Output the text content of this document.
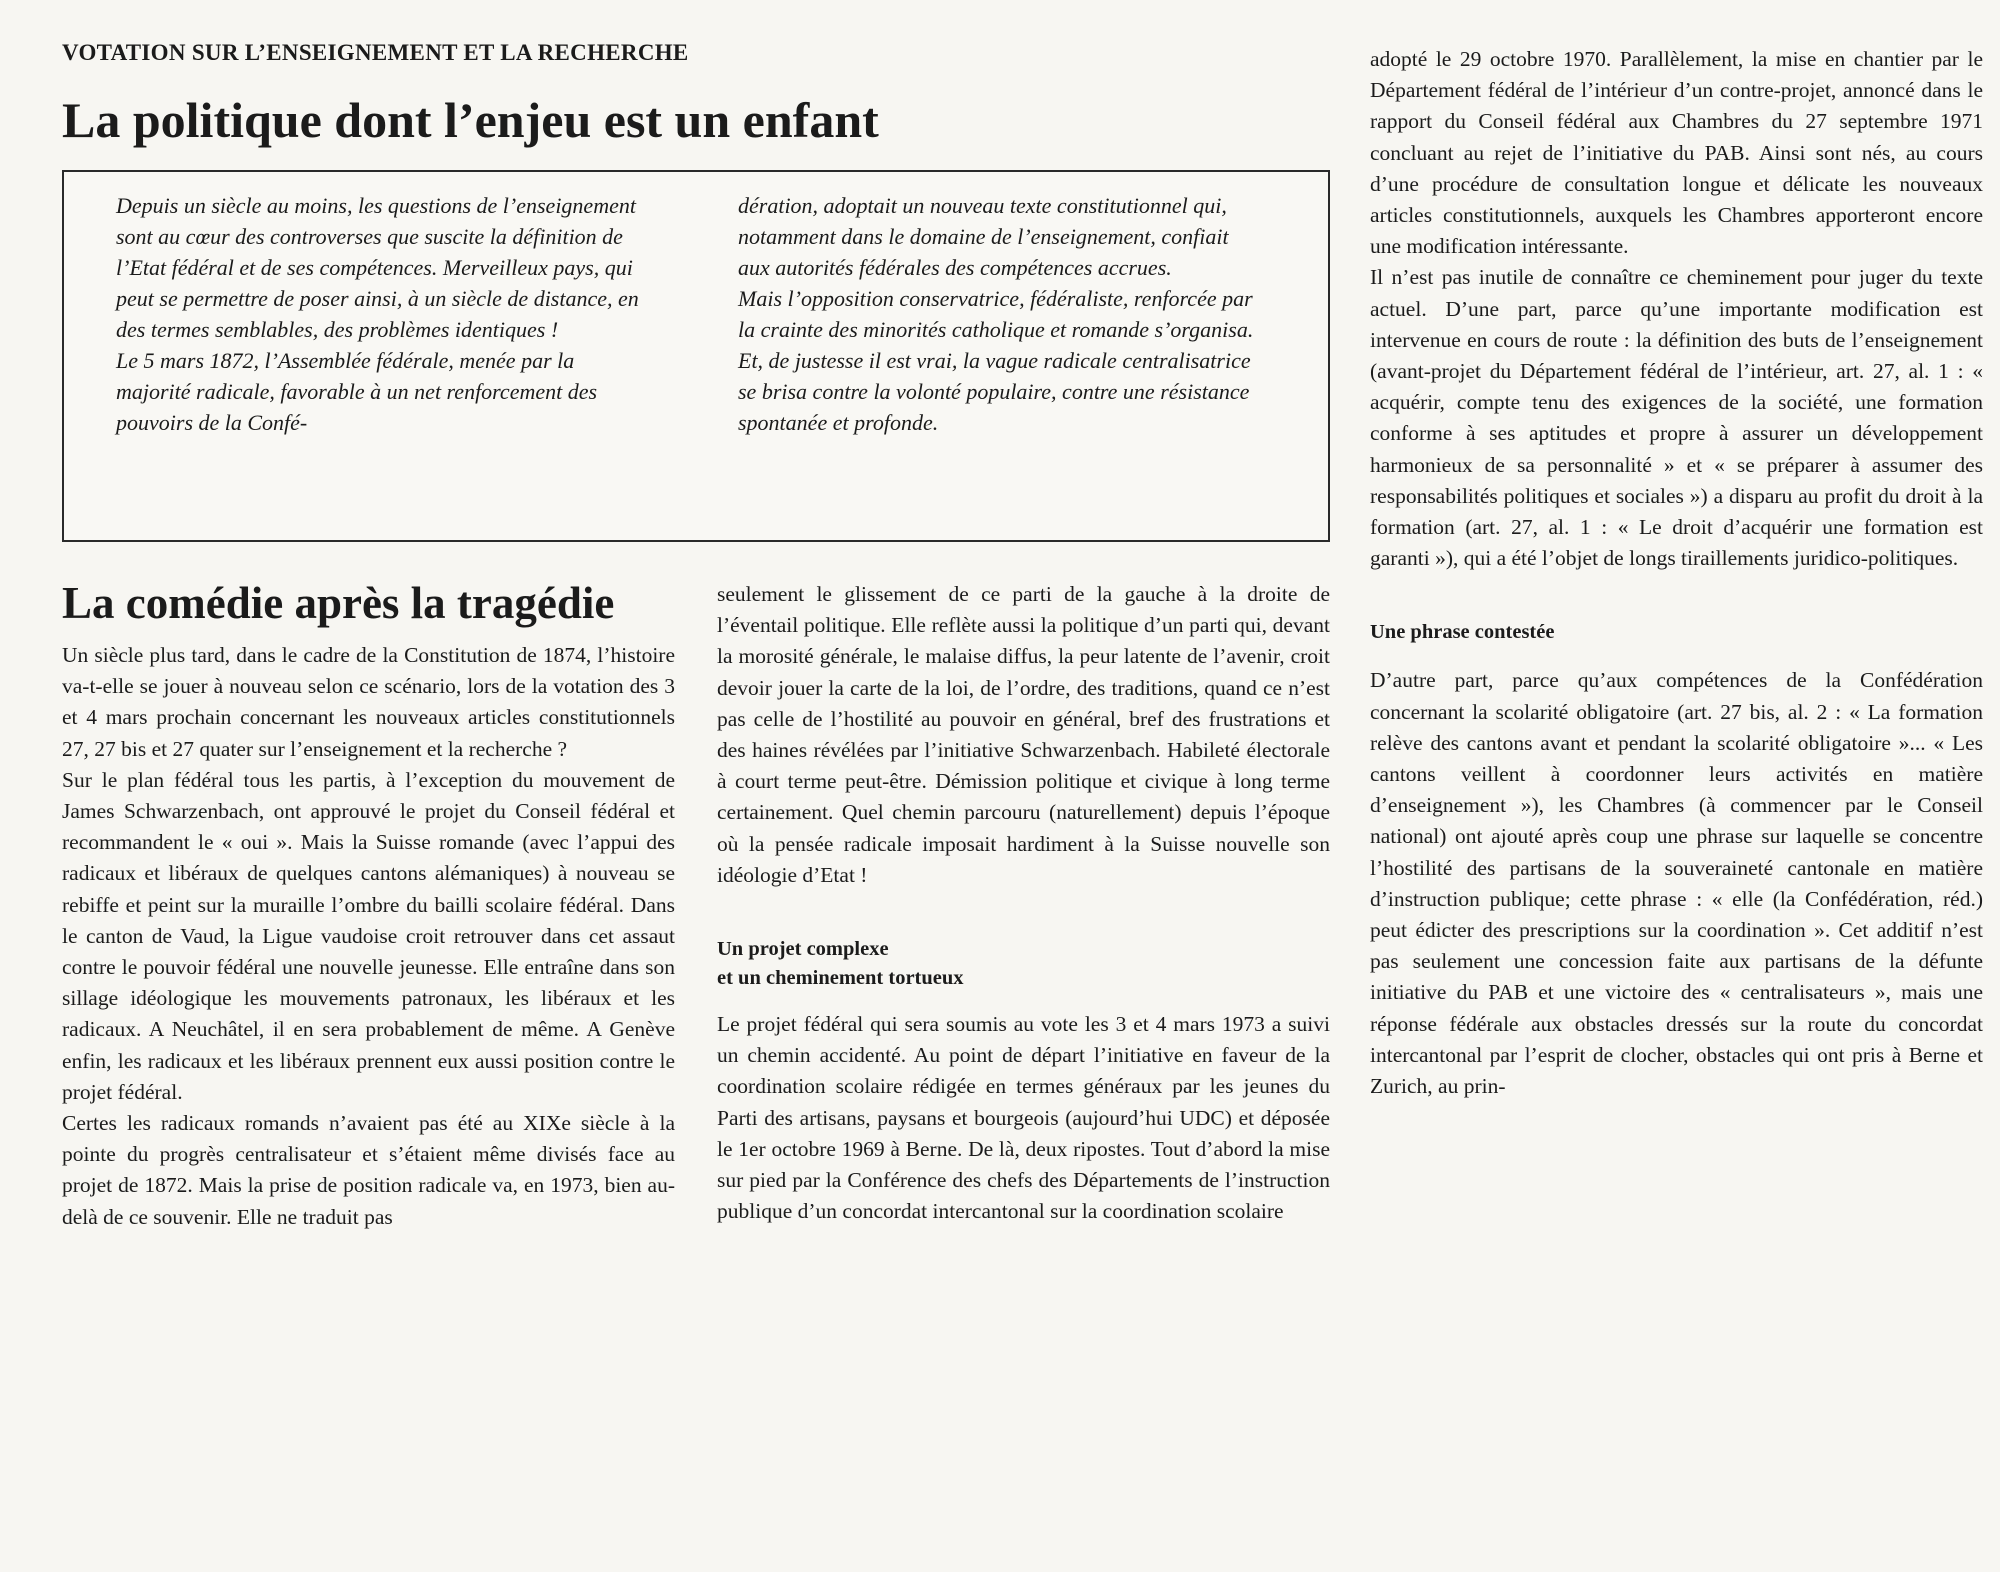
VOTATION SUR L’ENSEIGNEMENT ET LA RECHERCHE
La politique dont l’enjeu est un enfant
Depuis un siècle au moins, les questions de l’enseignement sont au cœur des controverses que suscite la définition de l’Etat fédéral et de ses compétences. Merveilleux pays, qui peut se permettre de poser ainsi, à un siècle de distance, en des termes semblables, des problèmes identiques !
Le 5 mars 1872, l’Assemblée fédérale, menée par la majorité radicale, favorable à un net renforcement des pouvoirs de la Confé-
dération, adoptait un nouveau texte constitutionnel qui, notamment dans le domaine de l’enseignement, confiait aux autorités fédérales des compétences accrues.
Mais l’opposition conservatrice, fédéraliste, renforcée par la crainte des minorités catholique et romande s’organisa. Et, de justesse il est vrai, la vague radicale centralisatrice se brisa contre la volonté populaire, contre une résistance spontanée et profonde.
La comédie après la tragédie

Un siècle plus tard, dans le cadre de la Constitution de 1874, l’histoire va-t-elle se jouer à nouveau selon ce scénario, lors de la votation des 3 et 4 mars prochain concernant les nouveaux articles constitutionnels 27, 27 bis et 27 quater sur l’enseignement et la recherche ?

Sur le plan fédéral tous les partis, à l’exception du mouvement de James Schwarzenbach, ont approuvé le projet du Conseil fédéral et recommandent le « oui ». Mais la Suisse romande (avec l’appui des radicaux et libéraux de quelques cantons alémaniques) à nouveau se rebiffe et peint sur la muraille l’ombre du bailli scolaire fédéral. Dans le canton de Vaud, la Ligue vaudoise croit retrouver dans cet assaut contre le pouvoir fédéral une nouvelle jeunesse. Elle entraîne dans son sillage idéologique les mouvements patronaux, les libéraux et les radicaux. A Neuchâtel, il en sera probablement de même. A Genève enfin, les radicaux et les libéraux prennent eux aussi position contre le projet fédéral.

Certes les radicaux romands n’avaient pas été au XIXe siècle à la pointe du progrès centralisateur et s’étaient même divisés face au projet de 1872. Mais la prise de position radicale va, en 1973, bien au-delà de ce souvenir. Elle ne traduit pas

seulement le glissement de ce parti de la gauche à la droite de l’éventail politique. Elle reflète aussi la politique d’un parti qui, devant la morosité générale, le malaise diffus, la peur latente de l’avenir, croit devoir jouer la carte de la loi, de l’ordre, des traditions, quand ce n’est pas celle de l’hostilité au pouvoir en général, bref des frustrations et des haines révélées par l’initiative Schwarzenbach. Habileté électorale à court terme peut-être. Démission politique et civique à long terme certainement. Quel chemin parcouru (naturellement) depuis l’époque où la pensée radicale imposait hardiment à la Suisse nouvelle son idéologie d’Etat !

Un projet complexe
et un cheminement tortueux

Le projet fédéral qui sera soumis au vote les 3 et 4 mars 1973 a suivi un chemin accidenté. Au point de départ l’initiative en faveur de la coordination scolaire rédigée en termes généraux par les jeunes du Parti des artisans, paysans et bourgeois (aujourd’hui UDC) et déposée le 1er octobre 1969 à Berne. De là, deux ripostes. Tout d’abord la mise sur pied par la Conférence des chefs des Départements de l’instruction publique d’un concordat intercantonal sur la coordination scolaire

adopté le 29 octobre 1970. Parallèlement, la mise en chantier par le Département fédéral de l’intérieur d’un contre-projet, annoncé dans le rapport du Conseil fédéral aux Chambres du 27 septembre 1971 concluant au rejet de l’initiative du PAB. Ainsi sont nés, au cours d’une procédure de consultation longue et délicate les nouveaux articles constitutionnels, auxquels les Chambres apporteront encore une modification intéressante.

Il n’est pas inutile de connaître ce cheminement pour juger du texte actuel. D’une part, parce qu’une importante modification est intervenue en cours de route : la définition des buts de l’enseignement (avant-projet du Département fédéral de l’intérieur, art. 27, al. 1 : « acquérir, compte tenu des exigences de la société, une formation conforme à ses aptitudes et propre à assurer un développement harmonieux de sa personnalité » et « se préparer à assumer des responsabilités politiques et sociales ») a disparu au profit du droit à la formation (art. 27, al. 1 : « Le droit d’acquérir une formation est garanti »), qui a été l’objet de longs tiraillements juridico-politiques.

Une phrase contestée

D’autre part, parce qu’aux compétences de la Confédération concernant la scolarité obligatoire (art. 27 bis, al. 2 : « La formation relève des cantons avant et pendant la scolarité obligatoire »... « Les cantons veillent à coordonner leurs activités en matière d’enseignement »), les Chambres (à commencer par le Conseil national) ont ajouté après coup une phrase sur laquelle se concentre l’hostilité des partisans de la souveraineté cantonale en matière d’instruction publique; cette phrase : « elle (la Confédération, réd.) peut édicter des prescriptions sur la coordination ». Cet additif n’est pas seulement une concession faite aux partisans de la défunte initiative du PAB et une victoire des « centralisateurs », mais une réponse fédérale aux obstacles dressés sur la route du concordat intercantonal par l’esprit de clocher, obstacles qui ont pris à Berne et Zurich, au prin-
